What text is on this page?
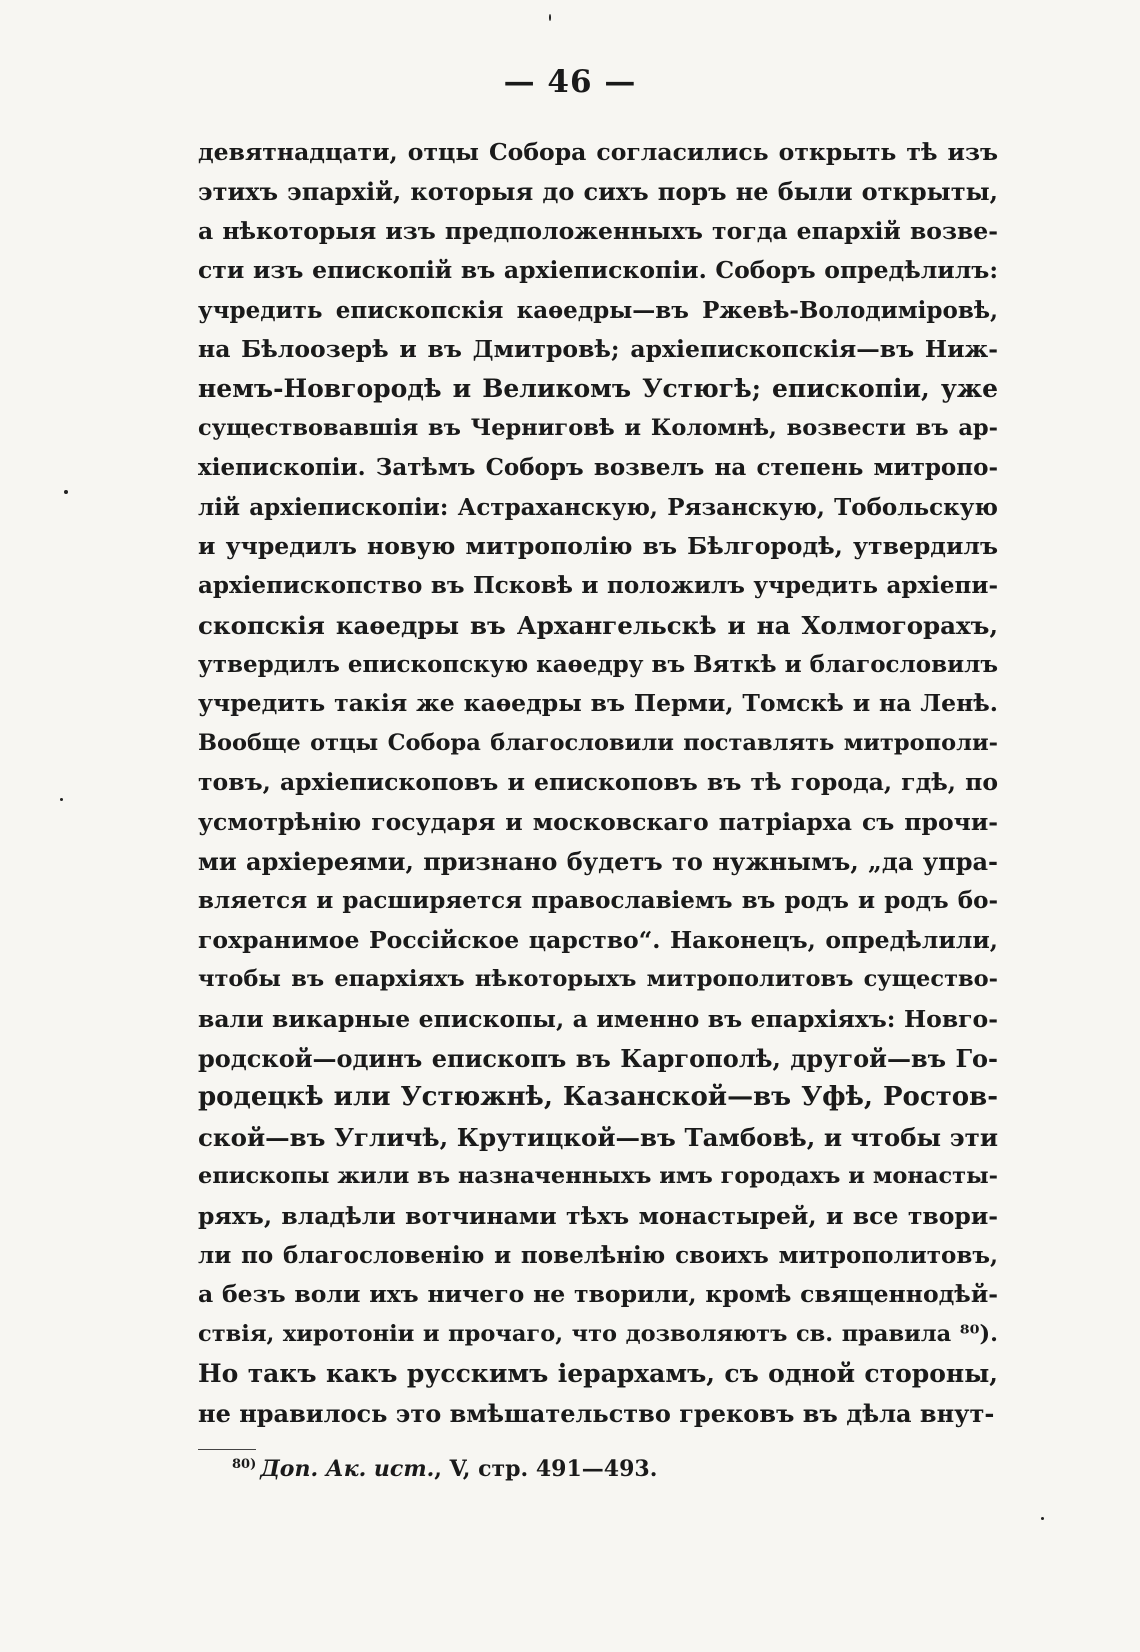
— 46 —
девятнадцати, отцы Собора согласились открыть тѣ изъ
этихъ эпархій, которыя до сихъ поръ не были открыты,
а нѣкоторыя изъ предположенныхъ тогда епархій возве-
сти изъ епископій въ архіепископіи. Соборъ опредѣлилъ:
учредить епископскія каѳедры—въ Ржевѣ-Володиміровѣ,
на Бѣлоозерѣ и въ Дмитровѣ; архіепископскія—въ Ниж-
немъ-Новгородѣ и Великомъ Устюгѣ; епископіи, уже
существовавшія въ Черниговѣ и Коломнѣ, возвести въ ар-
хіепископіи. Затѣмъ Соборъ возвелъ на степень митропо-
лій архіепископіи: Астраханскую, Рязанскую, Тобольскую
и учредилъ новую митрополію въ Бѣлгородѣ, утвердилъ
архіепископство въ Псковѣ и положилъ учредить архіепи-
скопскія каѳедры въ Архангельскѣ и на Холмогорахъ,
утвердилъ епископскую каѳедру въ Вяткѣ и благословилъ
учредить такія же каѳедры въ Перми, Томскѣ и на Ленѣ.
Вообще отцы Собора благословили поставлять митрополи-
товъ, архіепископовъ и епископовъ въ тѣ города, гдѣ, по
усмотрѣнію государя и московскаго патріарха съ прочи-
ми архіереями, признано будетъ то нужнымъ, „да упра-
вляется и расширяется православіемъ въ родъ и родъ бо-
гохранимое Россійское царство“. Наконецъ, опредѣлили,
чтобы въ епархіяхъ нѣкоторыхъ митрополитовъ существо-
вали викарные епископы, а именно въ епархіяхъ: Новго-
родской—одинъ епископъ въ Каргополѣ, другой—въ Го-
родецкѣ или Устюжнѣ, Казанской—въ Уфѣ, Ростов-
ской—въ Угличѣ, Крутицкой—въ Тамбовѣ, и чтобы эти
епископы жили въ назначенныхъ имъ городахъ и монасты-
ряхъ, владѣли вотчинами тѣхъ монастырей, и все твори-
ли по благословенію и повелѣнію своихъ митрополитовъ,
а безъ воли ихъ ничего не творили, кромѣ священнодѣй-
ствія, хиротоніи и прочаго, что дозволяютъ св. правила ⁸⁰).
Но такъ какъ русскимъ іерархамъ, съ одной стороны,
не нравилось это вмѣшательство грековъ въ дѣла внут-
$^{80)}$ Доп. Ак. ист., V, стр. 491—493.
